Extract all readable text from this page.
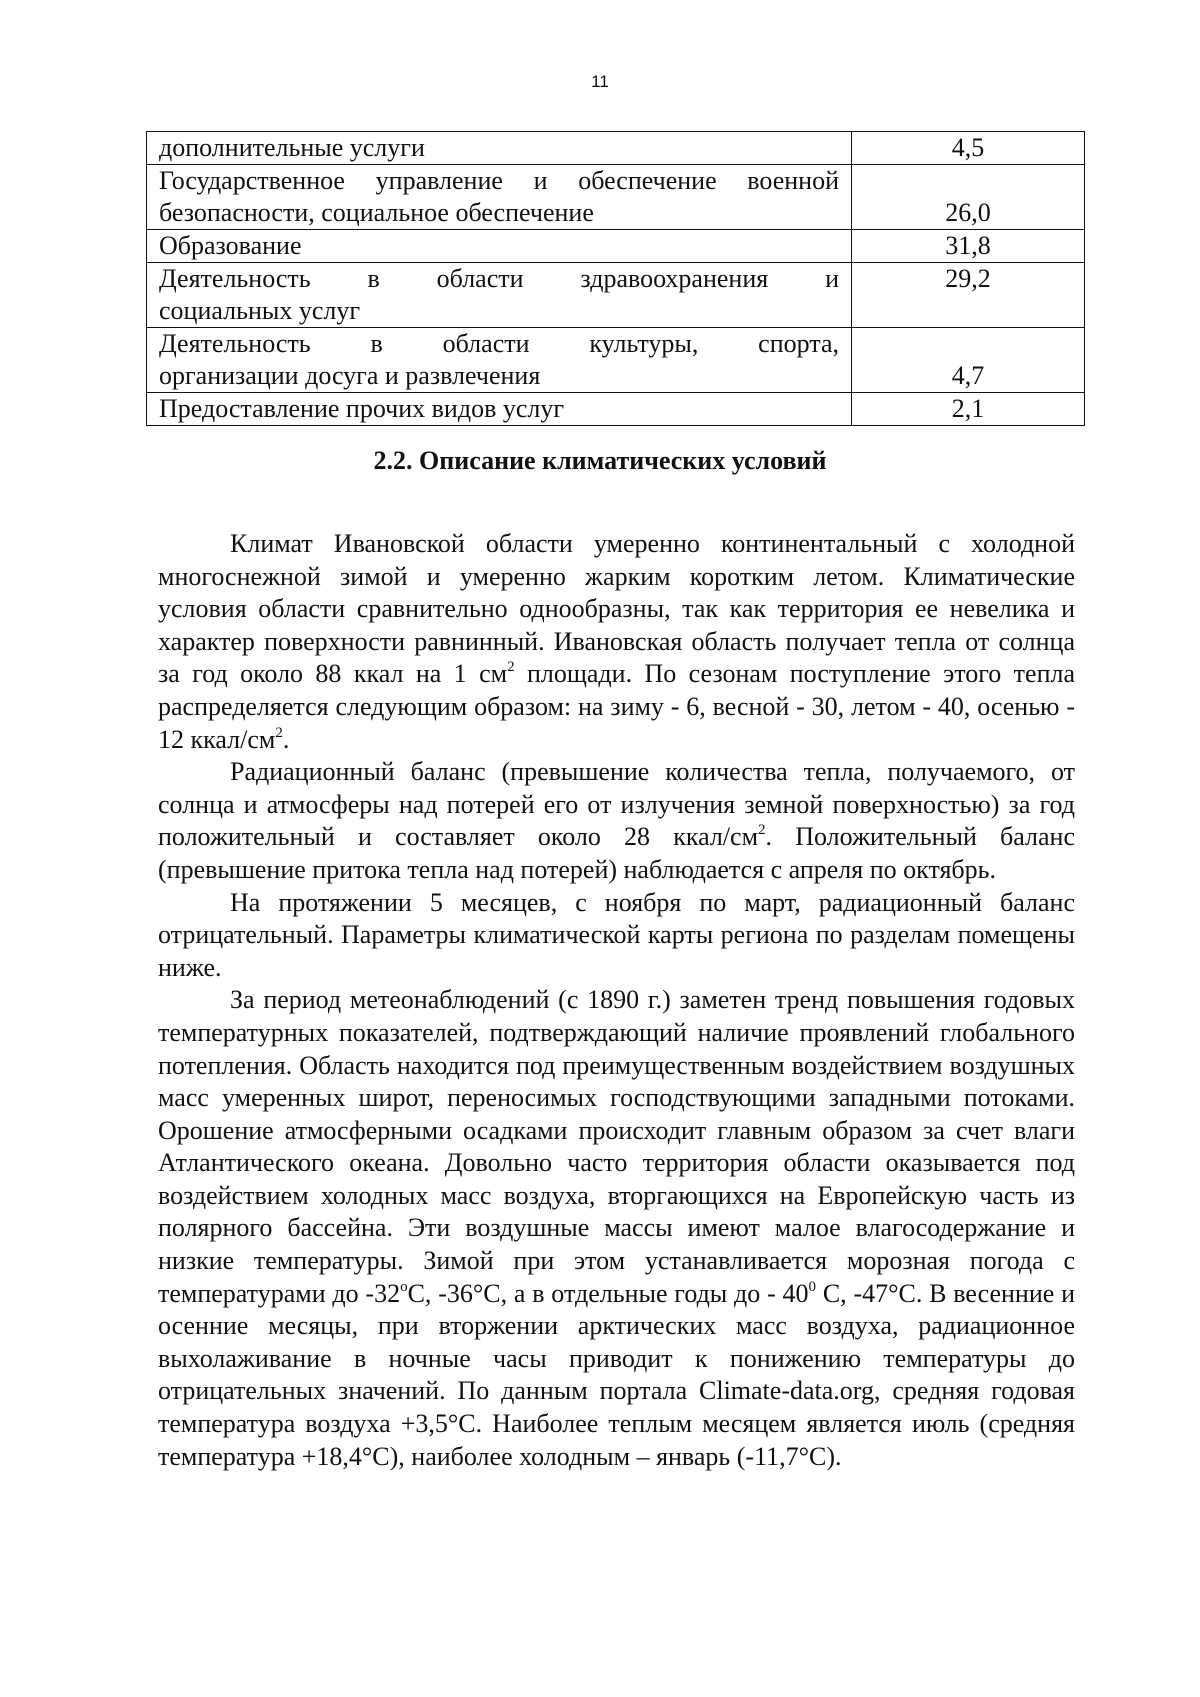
11
дополнительные услуги	4,5

Государственное управление и обеспечение военной
безопасности, социальное обеспечение	26,0
Образование	31,8

Деятельность в области здравоохранения и
социальных услуг	29,2

Деятельность в области культуры, спорта,
организации досуга и развлечения	4,7
Предоставление прочих видов услуг	2,1
2.2. Описание климатических условий

Климат Ивановской области умеренно континентальный с холодной многоснежной зимой и умеренно жарким коротким летом. Климатические условия области сравнительно однообразны, так как территория ее невелика и характер поверхности равнинный. Ивановская область получает тепла от солнца за год около 88 ккал на 1 $см^2$ площади. По сезонам поступление этого тепла распределяется следующим образом: на зиму - 6, весной - 30, летом - 40, осенью - 12 ккал/$см^2$.

Радиационный баланс (превышение количества тепла, получаемого, от солнца и атмосферы над потерей его от излучения земной поверхностью) за год положительный и составляет около 28 ккал/$см^2$. Положительный баланс (превышение притока тепла над потерей) наблюдается с апреля по октябрь.

На протяжении 5 месяцев, с ноября по март, радиационный баланс отрицательный. Параметры климатической карты региона по разделам помещены ниже.

За период метеонаблюдений (с 1890 г.) заметен тренд повышения годовых температурных показателей, подтверждающий наличие проявлений глобального потепления. Область находится под преимущественным воздействием воздушных масс умеренных широт, переносимых господствующими западными потоками. Орошение атмосферными осадками происходит главным образом за счет влаги Атлантического океана. Довольно часто территория области оказывается под воздействием холодных масс воздуха, вторгающихся на Европейскую часть из полярного бассейна. Эти воздушные массы имеют малое влагосодержание и низкие температуры. Зимой при этом устанавливается морозная погода с температурами до $-32^оС$, -36°С, а в отдельные годы до - $40^0$ С, -47°С. В весенние и осенние месяцы, при вторжении арктических масс воздуха, радиационное выхолаживание в ночные часы приводит к понижению температуры до отрицательных значений. По данным портала Climate-data.org, средняя годовая температура воздуха +3,5°С. Наиболее теплым месяцем является июль (средняя температура +18,4°С), наиболее холодным – январь (-11,7°С).
